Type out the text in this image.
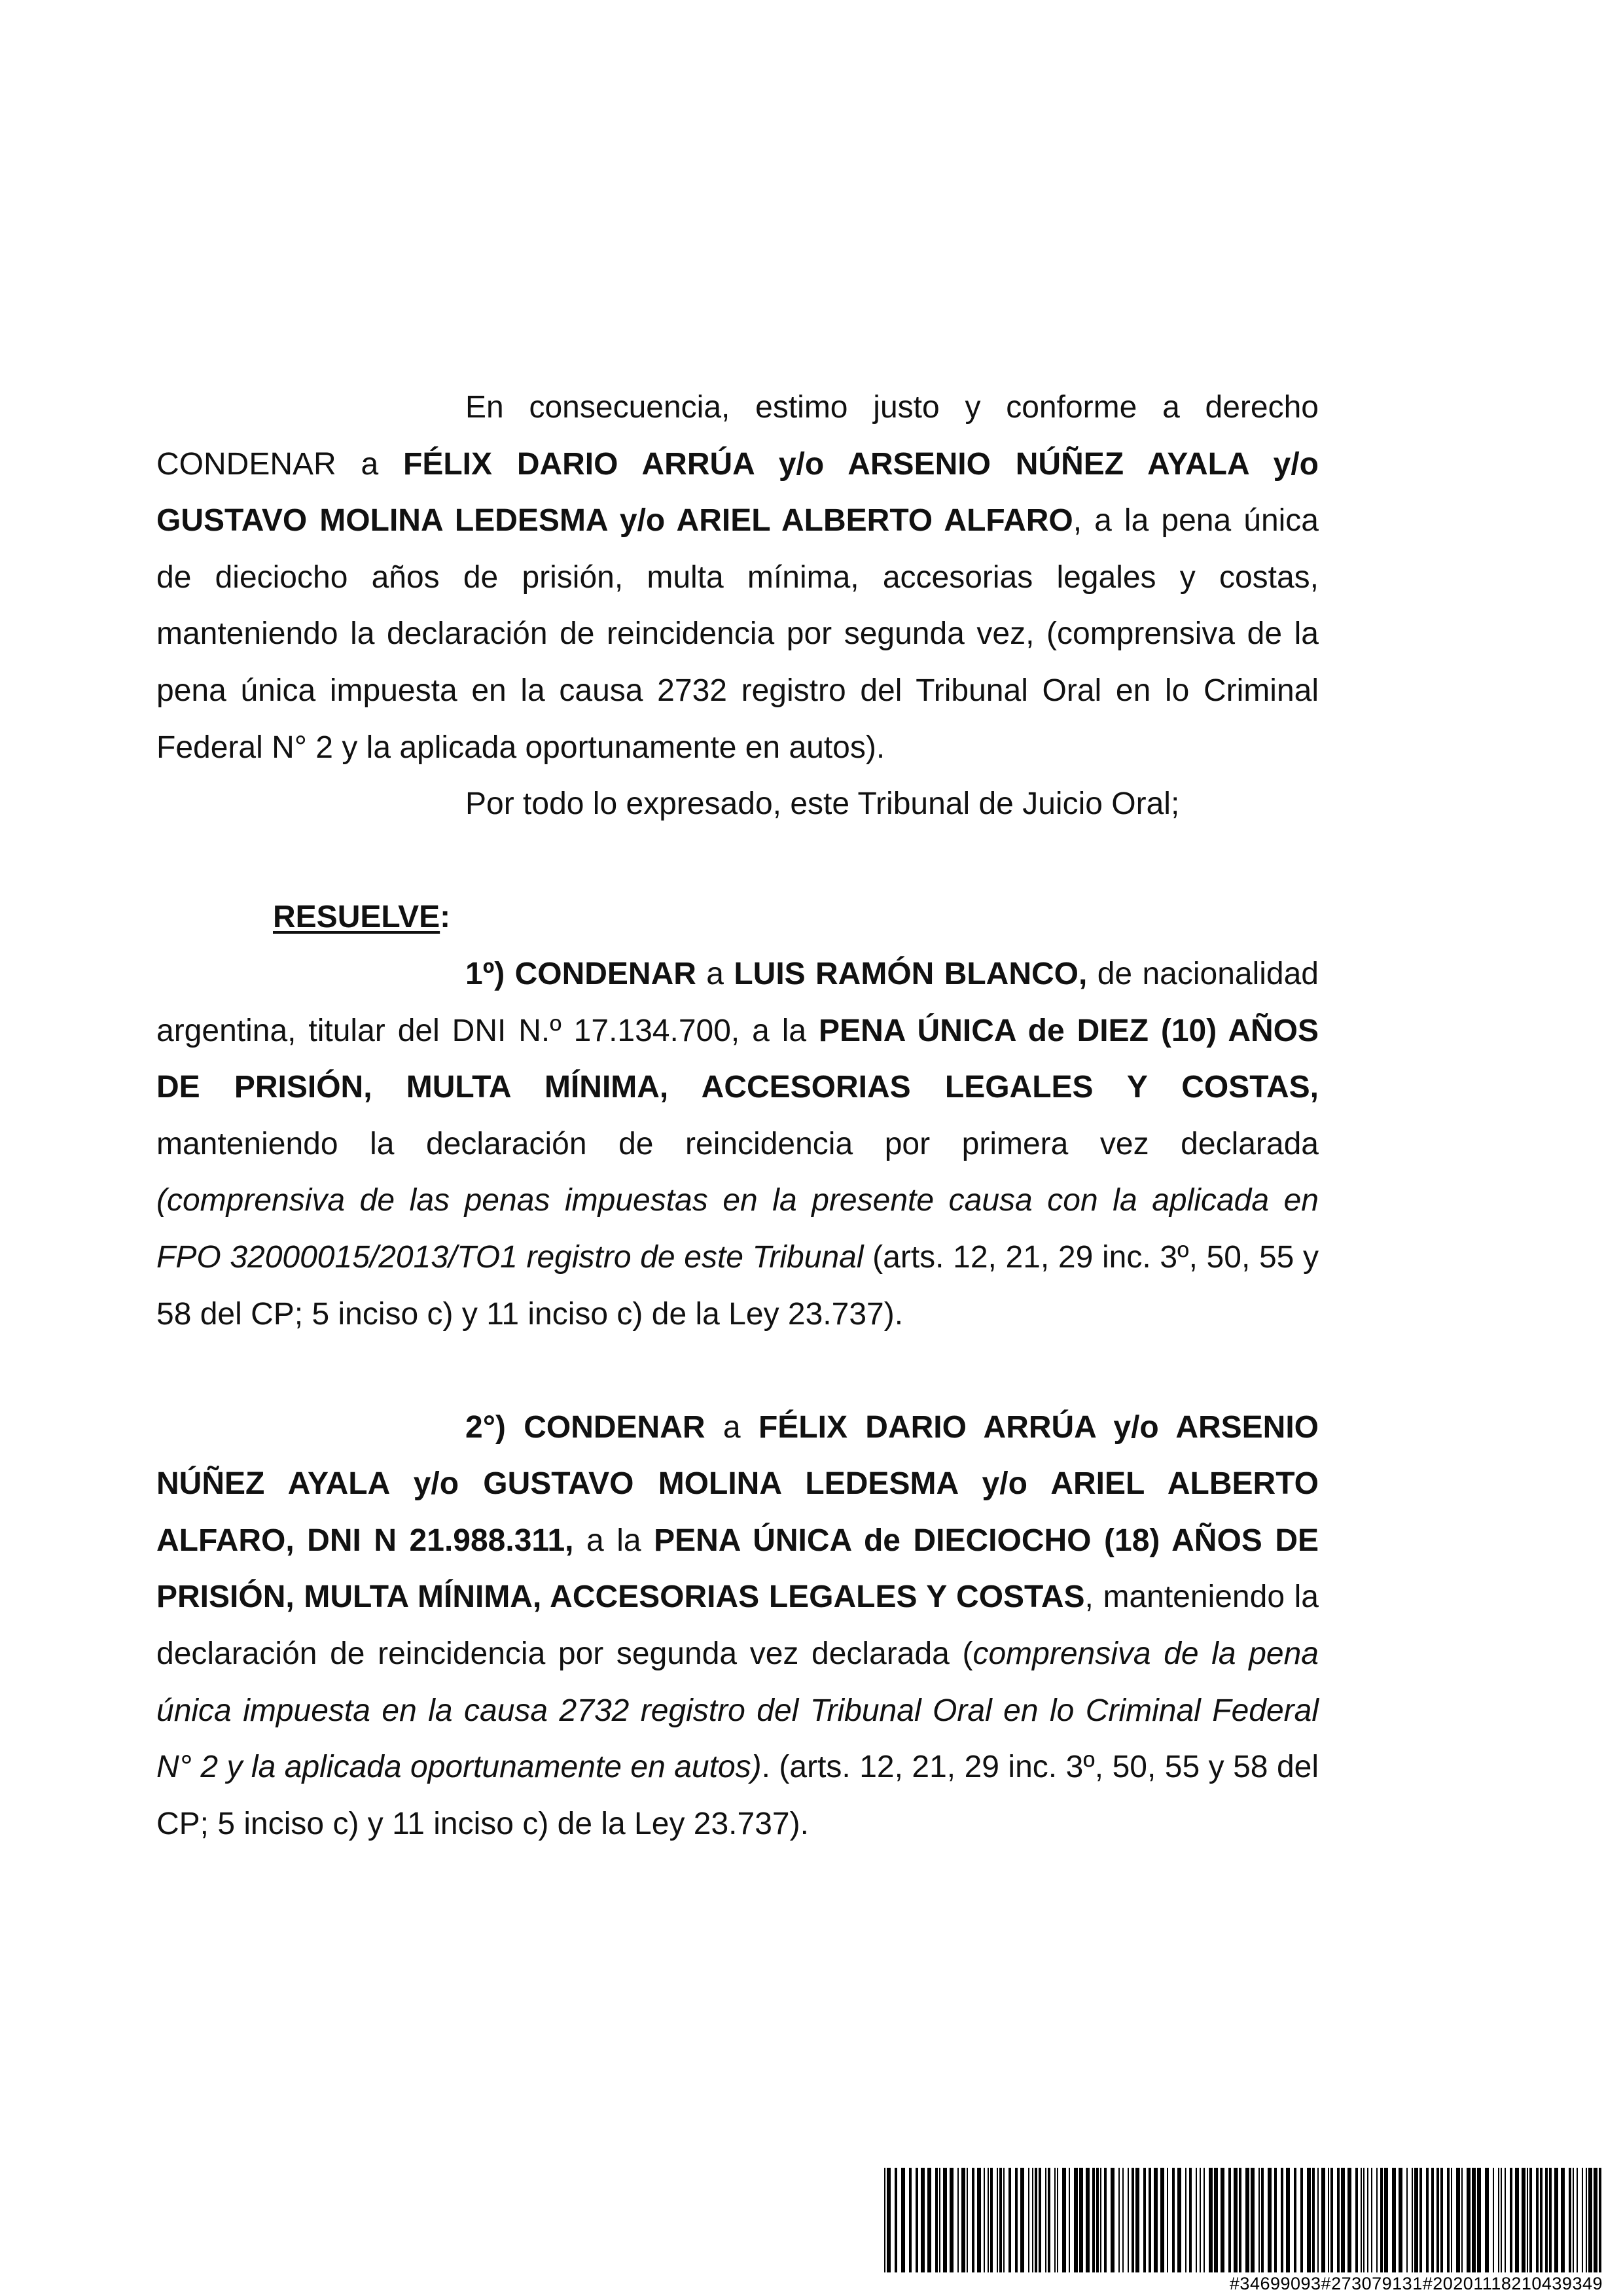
En consecuencia, estimo justo y conforme a derecho CONDENAR a FÉLIX DARIO ARRÚA y/o ARSENIO NÚÑEZ AYALA y/o GUSTAVO MOLINA LEDESMA y/o ARIEL ALBERTO ALFARO, a la pena única de dieciocho años de prisión, multa mínima, accesorias legales y costas, manteniendo la declaración de reincidencia por segunda vez, (comprensiva de la pena única impuesta en la causa 2732 registro del Tribunal Oral en lo Criminal Federal N° 2 y la aplicada oportunamente en autos).

Por todo lo expresado, este Tribunal de Juicio Oral;

RESUELVE:

1º) CONDENAR a LUIS RAMÓN BLANCO, de nacionalidad argentina, titular del DNI N.º 17.134.700, a la PENA ÚNICA de DIEZ (10) AÑOS DE PRISIÓN, MULTA MÍNIMA, ACCESORIAS LEGALES Y COSTAS, manteniendo la declaración de reincidencia por primera vez declarada (comprensiva de las penas impuestas en la presente causa con la aplicada en FPO 32000015/2013/TO1 registro de este Tribunal (arts. 12, 21, 29 inc. 3º, 50, 55 y 58 del CP; 5 inciso c) y 11 inciso c) de la Ley 23.737).

2°) CONDENAR a FÉLIX DARIO ARRÚA y/o ARSENIO NÚÑEZ AYALA y/o GUSTAVO MOLINA LEDESMA y/o ARIEL ALBERTO ALFARO, DNI N 21.988.311, a la PENA ÚNICA de DIECIOCHO (18) AÑOS DE PRISIÓN, MULTA MÍNIMA, ACCESORIAS LEGALES Y COSTAS, manteniendo la declaración de reincidencia por segunda vez declarada (comprensiva de la pena única impuesta en la causa 2732 registro del Tribunal Oral en lo Criminal Federal N° 2 y la aplicada oportunamente en autos). (arts. 12, 21, 29 inc. 3º, 50, 55 y 58 del CP; 5 inciso c) y 11 inciso c) de la Ley 23.737).

#34699093#273079131#20201118210439349
